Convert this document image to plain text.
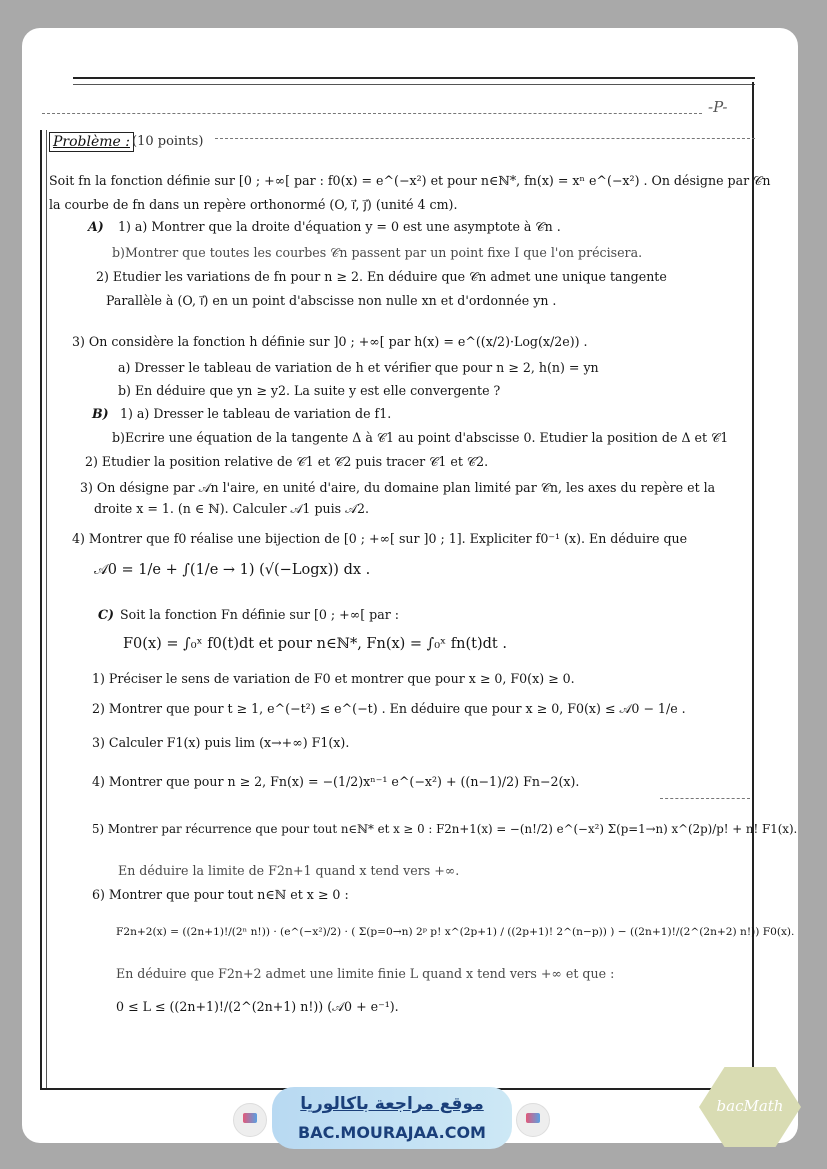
-P-
Problème : (10 points)
Soit fn la fonction définie sur [0 ; +∞[ par : f0(x) = e^(−x²) et pour n∈ℕ*, fn(x) = xⁿ e^(−x²) . On désigne par 𝒞n
la courbe de fn dans un repère orthonormé (O, i⃗, j⃗) (unité 4 cm).
A) 1) a) Montrer que la droite d'équation y = 0 est une asymptote à 𝒞n .
b)Montrer que toutes les courbes 𝒞n passent par un point fixe I que l'on précisera.
2) Etudier les variations de fn pour n ≥ 2. En déduire que 𝒞n admet une unique tangente
Parallèle à (O, i⃗) en un point d'abscisse non nulle xn et d'ordonnée yn .
3) On considère la fonction h définie sur ]0 ; +∞[ par h(x) = e^((x/2)·Log(x/2e)) .
a) Dresser le tableau de variation de h et vérifier que pour n ≥ 2, h(n) = yn
b) En déduire que yn ≥ y2. La suite y est elle convergente ?
B) 1) a) Dresser le tableau de variation de f1.
b)Ecrire une équation de la tangente Δ à 𝒞1 au point d'abscisse 0. Etudier la position de Δ et 𝒞1
2) Etudier la position relative de 𝒞1 et 𝒞2 puis tracer 𝒞1 et 𝒞2.
3) On désigne par 𝒜n l'aire, en unité d'aire, du domaine plan limité par 𝒞n, les axes du repère et la
droite x = 1. (n ∈ ℕ). Calculer 𝒜1 puis 𝒜2.
4) Montrer que f0 réalise une bijection de [0 ; +∞[ sur ]0 ; 1]. Expliciter f0⁻¹ (x). En déduire que
𝒜0 = 1/e + ∫(1/e → 1) (√(−Logx)) dx .
C) Soit la fonction Fn définie sur [0 ; +∞[ par :
F0(x) = ∫₀ˣ f0(t)dt et pour n∈ℕ*, Fn(x) = ∫₀ˣ fn(t)dt .
1) Préciser le sens de variation de F0 et montrer que pour x ≥ 0, F0(x) ≥ 0.
2) Montrer que pour t ≥ 1, e^(−t²) ≤ e^(−t) . En déduire que pour x ≥ 0, F0(x) ≤ 𝒜0 − 1/e .
3) Calculer F1(x) puis lim (x→+∞) F1(x).
4) Montrer que pour n ≥ 2, Fn(x) = −(1/2)xⁿ⁻¹ e^(−x²) + ((n−1)/2) Fn−2(x).
5) Montrer par récurrence que pour tout n∈ℕ* et x ≥ 0 : F2n+1(x) = −(n!/2) e^(−x²) Σ(p=1→n) x^(2p)/p! + n! F1(x).
En déduire la limite de F2n+1 quand x tend vers +∞.
6) Montrer que pour tout n∈ℕ et x ≥ 0 :
F2n+2(x) = ((2n+1)!/(2ⁿ n!)) · (e^(−x²)/2) · ( Σ(p=0→n) 2ᵖ p! x^(2p+1) / ((2p+1)! 2^(n−p)) ) − ((2n+1)!/(2^(2n+2) n!)) F0(x).
En déduire que F2n+2 admet une limite finie L quand x tend vers +∞ et que :
0 ≤ L ≤ ((2n+1)!/(2^(2n+1) n!)) (𝒜0 + e⁻¹).
موقع مراجعة باكالوريا
BAC.MOURAJAA.COM
bacMath
